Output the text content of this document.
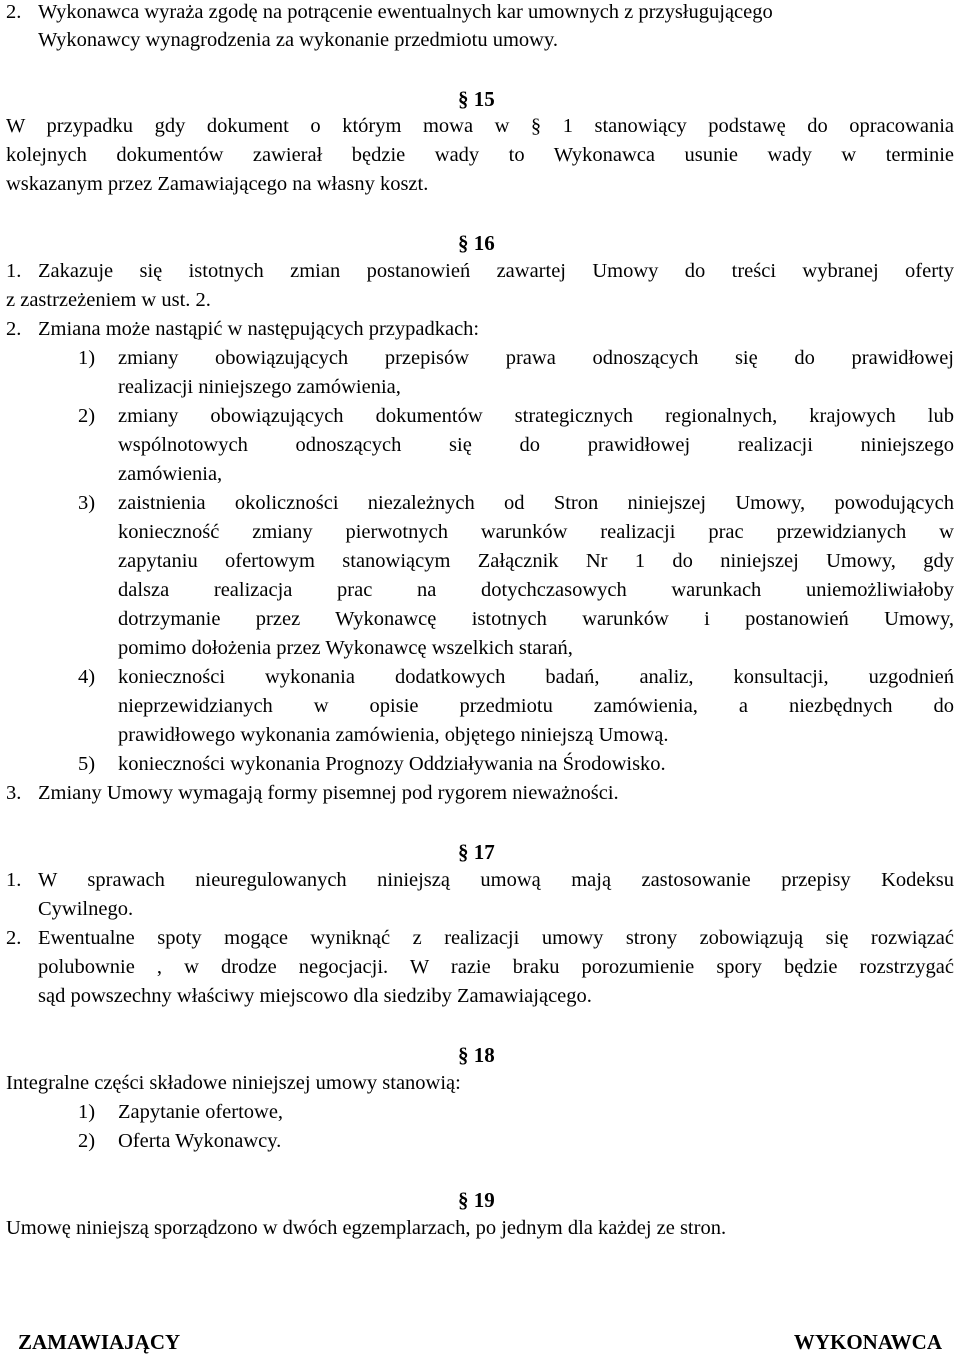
2. Wykonawca wyraża zgodę na potrącenie ewentualnych kar umownych z przysługującego
Wykonawcy wynagrodzenia za wykonanie przedmiotu umowy.
§ 15
W przypadku gdy dokument o którym mowa w § 1 stanowiący podstawę do opracowania
kolejnych dokumentów zawierał będzie wady to Wykonawca usunie wady w terminie
wskazanym przez Zamawiającego na własny koszt.
§ 16
1. Zakazuje się istotnych zmian postanowień zawartej Umowy do treści wybranej oferty
z zastrzeżeniem w ust. 2.
2. Zmiana może nastąpić w następujących przypadkach:
1) zmiany obowiązujących przepisów prawa odnoszących się do prawidłowej
realizacji niniejszego zamówienia,
2) zmiany obowiązujących dokumentów strategicznych regionalnych, krajowych lub
wspólnotowych odnoszących się do prawidłowej realizacji niniejszego
zamówienia,
3) zaistnienia okoliczności niezależnych od Stron niniejszej Umowy, powodujących
konieczność zmiany pierwotnych warunków realizacji prac przewidzianych w
zapytaniu ofertowym stanowiącym Załącznik Nr 1 do niniejszej Umowy, gdy
dalsza realizacja prac na dotychczasowych warunkach uniemożliwiałoby
dotrzymanie przez Wykonawcę istotnych warunków i postanowień Umowy,
pomimo dołożenia przez Wykonawcę wszelkich starań,
4) konieczności wykonania dodatkowych badań, analiz, konsultacji, uzgodnień
nieprzewidzianych w opisie przedmiotu zamówienia, a niezbędnych do
prawidłowego wykonania zamówienia, objętego niniejszą Umową.
5) konieczności wykonania Prognozy Oddziaływania na Środowisko.
3. Zmiany Umowy wymagają formy pisemnej pod rygorem nieważności.
§ 17
1. W sprawach nieuregulowanych niniejszą umową mają zastosowanie przepisy Kodeksu
Cywilnego.
2. Ewentualne spoty mogące wyniknąć z realizacji umowy strony zobowiązują się rozwiązać
polubownie , w drodze negocjacji. W razie braku porozumienie spory będzie rozstrzygać
sąd powszechny właściwy miejscowo dla siedziby Zamawiającego.
§ 18
Integralne części składowe niniejszej umowy stanowią:
1) Zapytanie ofertowe,
2) Oferta Wykonawcy.
§ 19
Umowę niniejszą sporządzono w dwóch egzemplarzach, po jednym dla każdej ze stron.
ZAMAWIAJĄCY	WYKONAWCA
